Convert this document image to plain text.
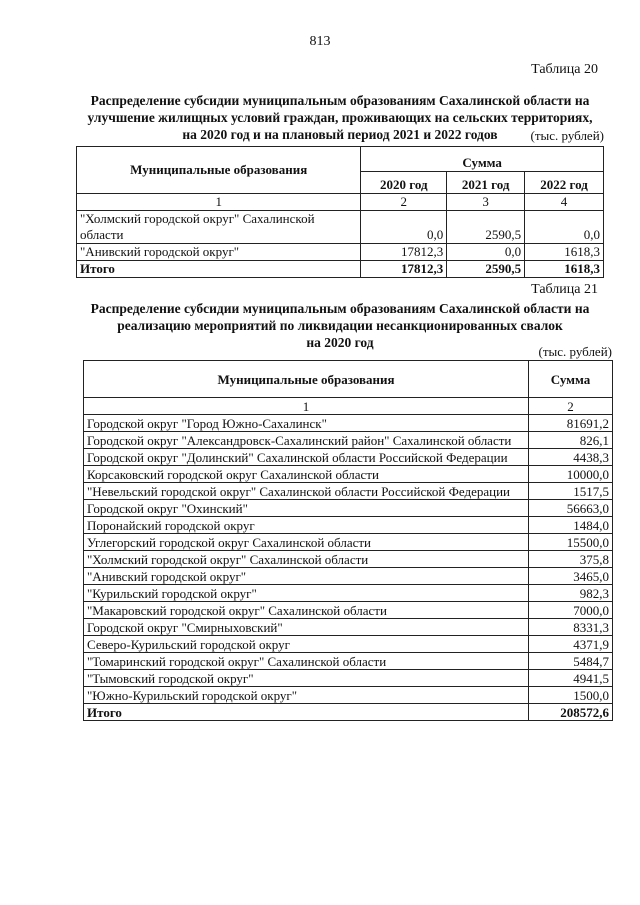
813
Таблица 20
Распределение субсидии муниципальным образованиям Сахалинской области на
улучшение жилищных условий граждан, проживающих на сельских территориях,
на 2020 год и на плановый период 2021 и 2022 годов	(тыс. рублей)
Муниципальные образования	Сумма		
	2020 год	2021 год	2022 год
1	2	3	4
"Холмский городской округ" Сахалинской области	0,0	2590,5	0,0
"Анивский городской округ"	17812,3	0,0	1618,3
Итого	17812,3	2590,5	1618,3
Таблица 21
Распределение субсидии муниципальным образованиям Сахалинской области на
реализацию мероприятий по ликвидации несанкционированных свалок
на 2020 год
(тыс. рублей)
Муниципальные образования	Сумма
1	2
Городской округ "Город Южно-Сахалинск"	81691,2
Городской округ "Александровск-Сахалинский район" Сахалинской области	826,1
Городской округ "Долинский" Сахалинской области Российской Федерации	4438,3
Корсаковский городской округ Сахалинской области	10000,0
"Невельский городской округ" Сахалинской области Российской Федерации	1517,5
Городской округ "Охинский"	56663,0
Поронайский городской округ	1484,0
Углегорский городской округ Сахалинской области	15500,0
"Холмский городской округ" Сахалинской области	375,8
"Анивский городской округ"	3465,0
"Курильский городской округ"	982,3
"Макаровский городской округ" Сахалинской области	7000,0
Городской округ "Смирныховский"	8331,3
Северо-Курильский городской округ	4371,9
"Томаринский городской округ" Сахалинской области	5484,7
"Тымовский городской округ"	4941,5
"Южно-Курильский городской округ"	1500,0
Итого	208572,6
